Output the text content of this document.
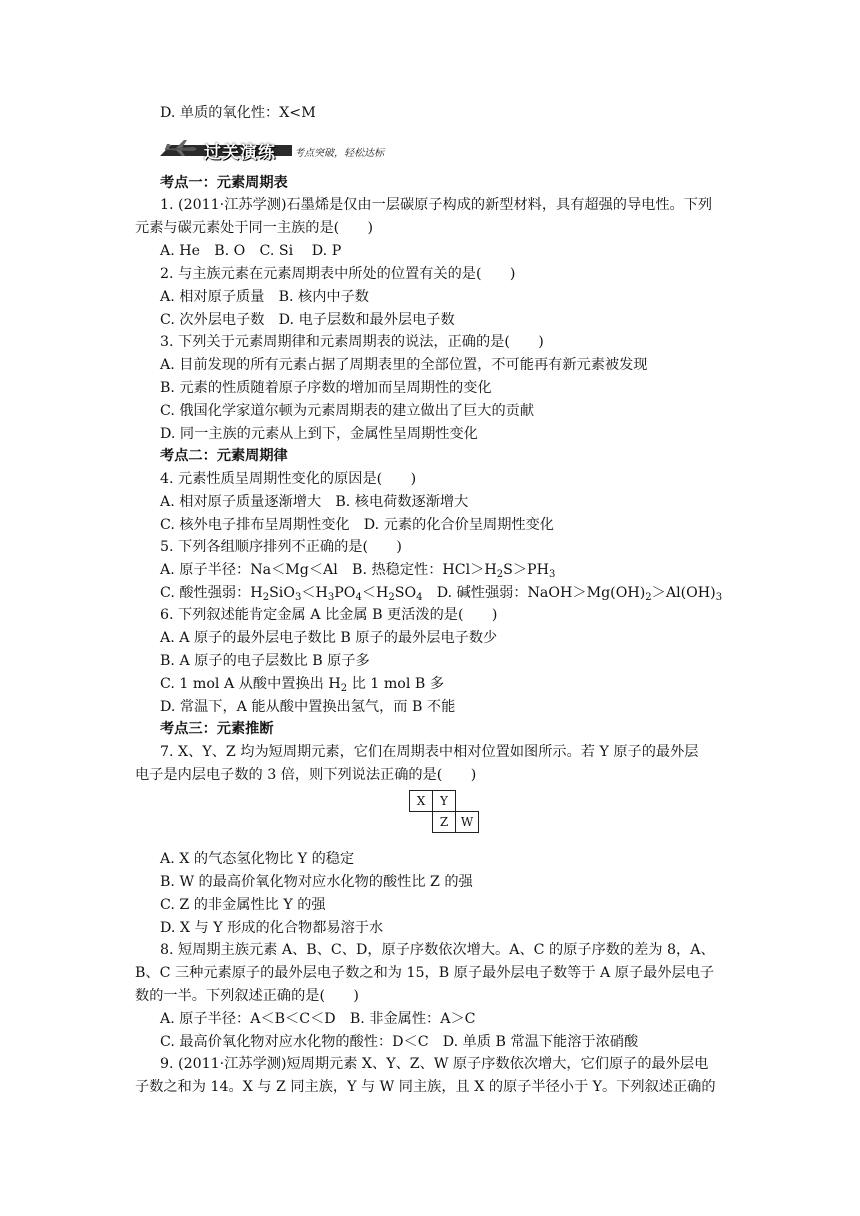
D. 单质的氧化性：X<M
过关演练 考点突破，轻松达标
考点一：元素周期表
1. (2011·江苏学测)石墨烯是仅由一层碳原子构成的新型材料，具有超强的导电性。下列
元素与碳元素处于同一主族的是(　　)
A. He　B. O　C. Si　 D. P
2. 与主族元素在元素周期表中所处的位置有关的是(　　)
A. 相对原子质量　B. 核内中子数
C. 次外层电子数　D. 电子层数和最外层电子数
3. 下列关于元素周期律和元素周期表的说法，正确的是(　　)
A. 目前发现的所有元素占据了周期表里的全部位置，不可能再有新元素被发现
B. 元素的性质随着原子序数的增加而呈周期性的变化
C. 俄国化学家道尔顿为元素周期表的建立做出了巨大的贡献
D. 同一主族的元素从上到下，金属性呈周期性变化
考点二：元素周期律
4. 元素性质呈周期性变化的原因是(　　)
A. 相对原子质量逐渐增大　B. 核电荷数逐渐增大
C. 核外电子排布呈周期性变化　D. 元素的化合价呈周期性变化
5. 下列各组顺序排列不正确的是(　　)
A. 原子半径：Na＜Mg＜Al　B. 热稳定性：$HCl>H_2S>PH_3$
C. 酸性强弱：$H_2SiO_3<H_3PO_4<H_2SO_4$　D. 碱性强弱：$NaOH>Mg(OH)_2>Al(OH)_3$
6. 下列叙述能肯定金属 A 比金属 B 更活泼的是(　　)
A. A 原子的最外层电子数比 B 原子的最外层电子数少
B. A 原子的电子层数比 B 原子多
C. 1 mol A 从酸中置换出 $H_2$ 比 1 mol B 多
D. 常温下，A 能从酸中置换出氢气，而 B 不能
考点三：元素推断
7. X、Y、Z 均为短周期元素，它们在周期表中相对位置如图所示。若 Y 原子的最外层
电子是内层电子数的 3 倍，则下列说法正确的是(　　)
X	Y	
	Z	W
A. X 的气态氢化物比 Y 的稳定
B. W 的最高价氧化物对应水化物的酸性比 Z 的强
C. Z 的非金属性比 Y 的强
D. X 与 Y 形成的化合物都易溶于水
8. 短周期主族元素 A、B、C、D，原子序数依次增大。A、C 的原子序数的差为 8，A、
B、C 三种元素原子的最外层电子数之和为 15，B 原子最外层电子数等于 A 原子最外层电子
数的一半。下列叙述正确的是(　　)
A. 原子半径：A＜B＜C＜D　B. 非金属性：A＞C
C. 最高价氧化物对应水化物的酸性：D＜C　D. 单质 B 常温下能溶于浓硝酸
9. (2011·江苏学测)短周期元素 X、Y、Z、W 原子序数依次增大，它们原子的最外层电
子数之和为 14。X 与 Z 同主族，Y 与 W 同主族，且 X 的原子半径小于 Y。下列叙述正确的
